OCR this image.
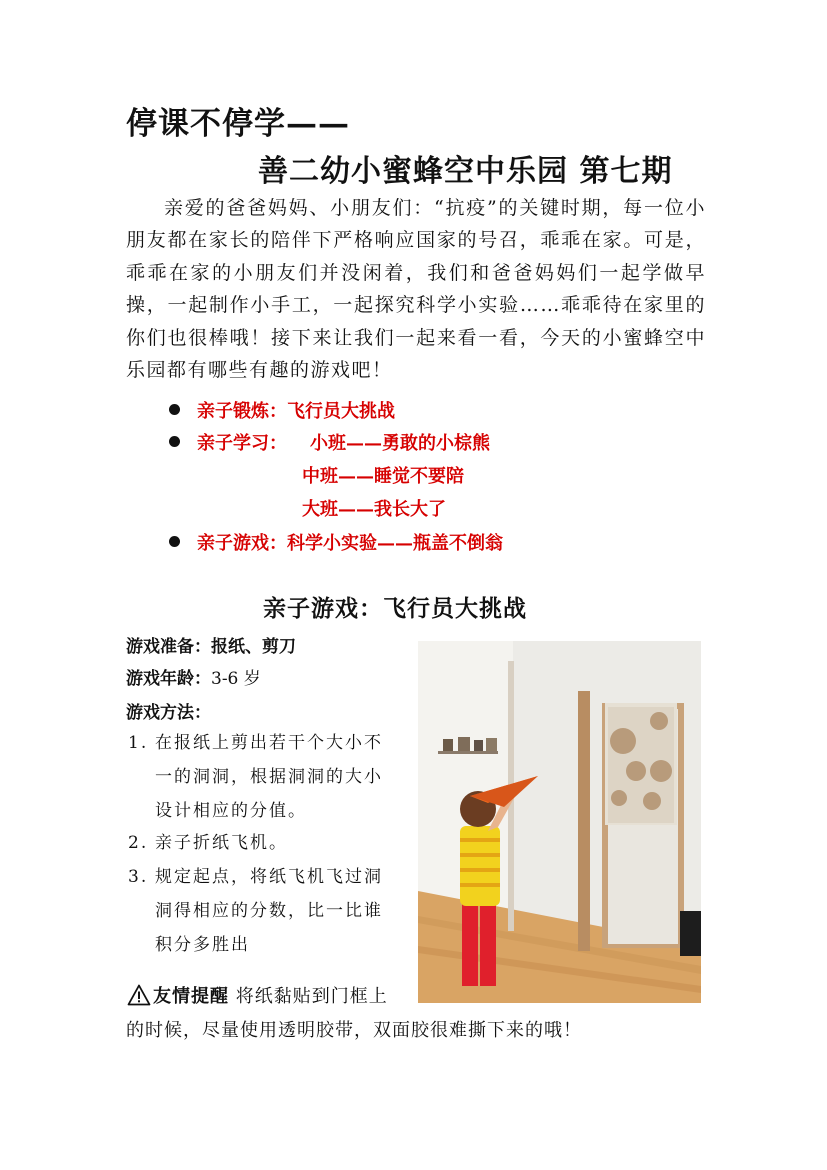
停课不停学——
善二幼小蜜蜂空中乐园 第七期
亲爱的爸爸妈妈、小朋友们：“抗疫”的关键时期，每一位小朋友都在家长的陪伴下严格响应国家的号召，乖乖在家。可是，乖乖在家的小朋友们并没闲着，我们和爸爸妈妈们一起学做早操，一起制作小手工，一起探究科学小实验……乖乖待在家里的你们也很棒哦！接下来让我们一起来看一看，今天的小蜜蜂空中乐园都有哪些有趣的游戏吧！
亲子锻炼：飞行员大挑战
亲子学习： 小班——勇敢的小棕熊
中班——睡觉不要陪
大班——我长大了
亲子游戏：科学小实验——瓶盖不倒翁
亲子游戏：飞行员大挑战
游戏准备：报纸、剪刀
游戏年龄：3-6 岁
游戏方法：
1. 在报纸上剪出若干个大小不
一的洞洞，根据洞洞的大小
设计相应的分值。
2. 亲子折纸飞机。
3. 规定起点，将纸飞机飞过洞
洞得相应的分数，比一比谁
积分多胜出
友情提醒 将纸黏贴到门框上
的时候，尽量使用透明胶带，双面胶很难撕下来的哦！
